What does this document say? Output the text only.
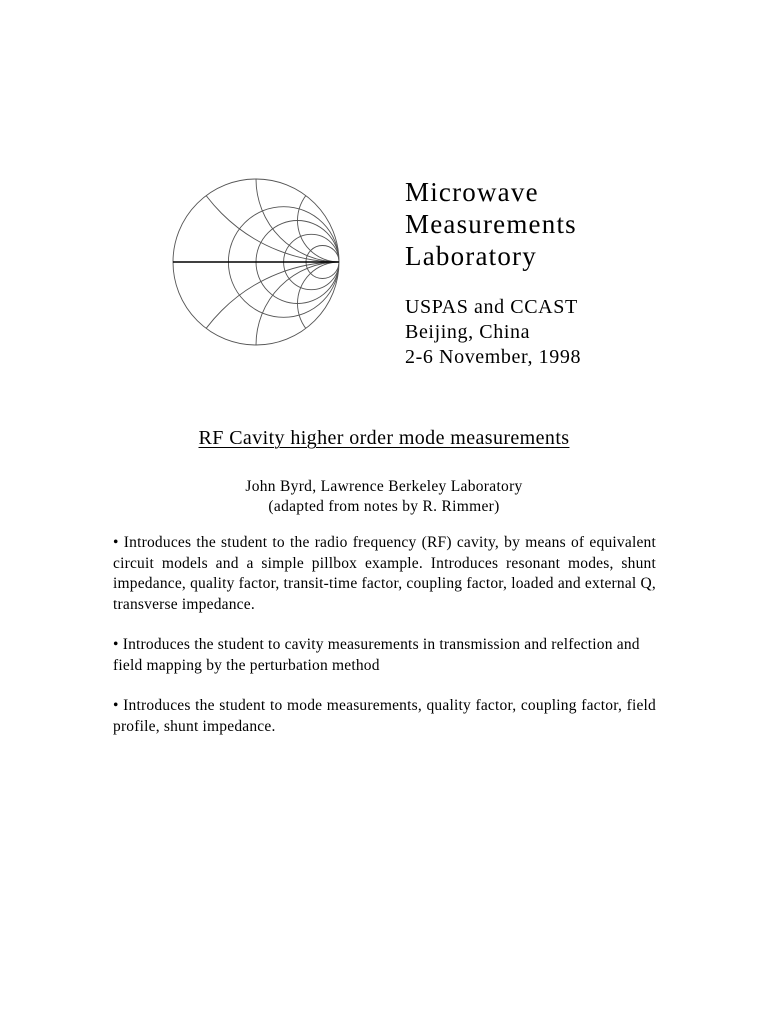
Microwave
Measurements
Laboratory
USPAS and CCAST
Beijing, China
2-6 November, 1998
RF Cavity higher order mode measurements
John Byrd, Lawrence Berkeley Laboratory
(adapted from notes by R. Rimmer)

• Introduces the student to the radio frequency (RF) cavity, by means of equivalent circuit models and a simple pillbox example. Introduces resonant modes, shunt impedance, quality factor, transit-time factor, coupling factor, loaded and external Q, transverse impedance.

• Introduces the student to cavity measurements in transmission and relfection and field mapping by the perturbation method

• Introduces the student to mode measurements, quality factor, coupling factor, field profile, shunt impedance.
